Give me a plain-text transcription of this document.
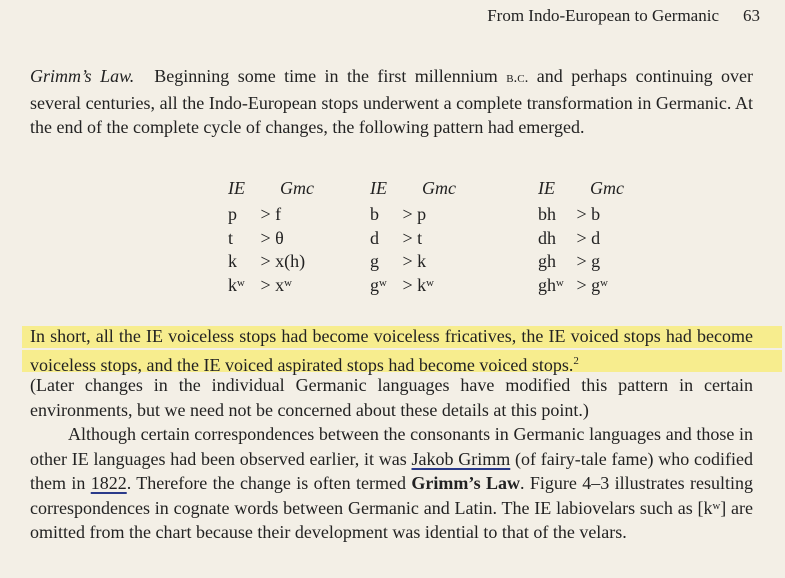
From Indo-European to Germanic 63
Grimm’s Law. Beginning some time in the first millennium b.c. and perhaps continuing over several centuries, all the Indo-European stops underwent a complete transformation in Germanic. At the end of the complete cycle of changes, the following pattern had emerged.
IE Gmc
p > f
t > θ
k > x(h)
kʷ > xʷ
IE Gmc
b > p
d > t
g > k
gʷ > kʷ
IE Gmc
bh > b
dh > d
gh > g
ghʷ > gʷ
In short, all the IE voiceless stops had become voiceless fricatives, the IE voiced stops had become voiceless stops, and the IE voiced aspirated stops had become voiced stops.$^2$
(Later changes in the individual Germanic languages have modified this pattern in certain environments, but we need not be concerned about these details at this point.)
Although certain correspondences between the consonants in Germanic languages and those in other IE languages had been observed earlier, it was Jakob Grimm (of fairy-tale fame) who codified them in 1822. Therefore the change is often termed Grimm’s Law. Figure 4–3 illustrates resulting correspondences in cognate words between Germanic and Latin. The IE labiovelars such as [kʷ] are omitted from the chart because their development was idential to that of the velars.
